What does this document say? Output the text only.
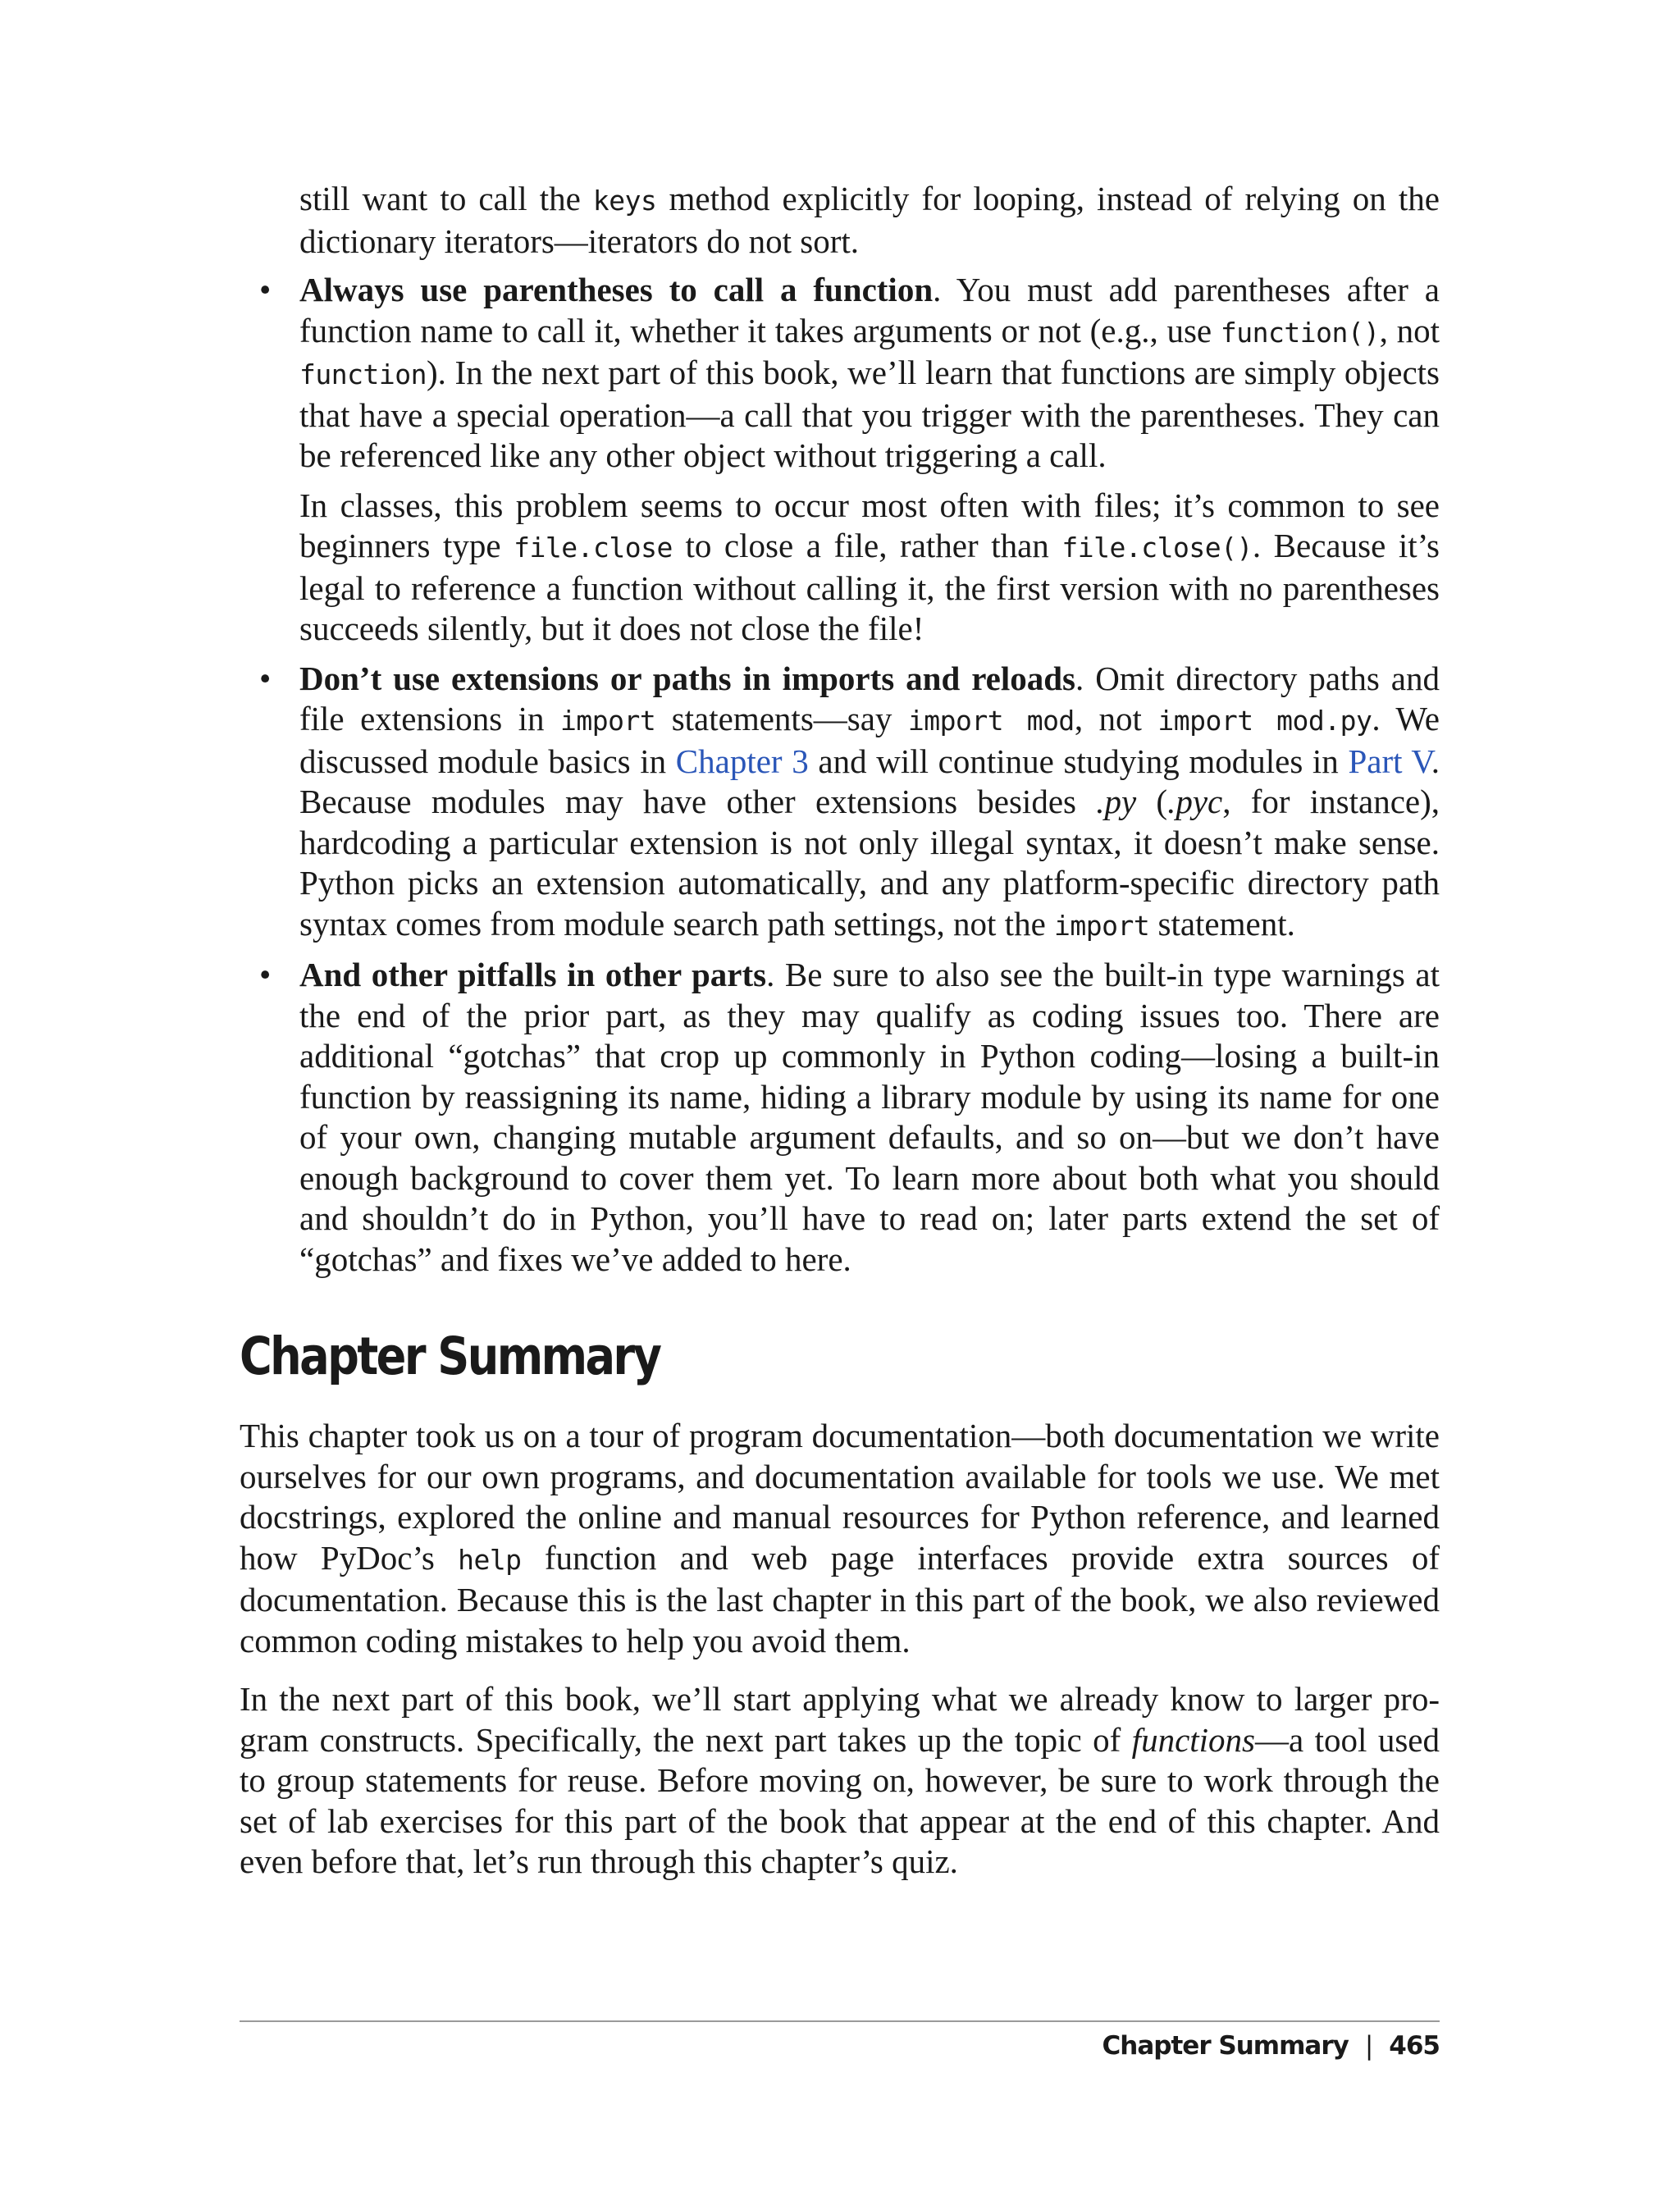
still want to call the keys method explicitly for looping, instead of relying on the dictionary iterators—iterators do not sort.

• Always use parentheses to call a function. You must add parentheses after a function name to call it, whether it takes arguments or not (e.g., use function(), not function). In the next part of this book, we’ll learn that functions are simply objects that have a special operation—a call that you trigger with the parentheses. They can be referenced like any other object without triggering a call.

In classes, this problem seems to occur most often with files; it’s common to see beginners type file.close to close a file, rather than file.close(). Because it’s legal to reference a function without calling it, the first version with no parentheses succeeds silently, but it does not close the file!

• Don’t use extensions or paths in imports and reloads. Omit directory paths and file extensions in import statements—say import mod, not import mod.py. We discussed module basics in Chapter 3 and will continue studying modules in Part V. Because modules may have other extensions besides .py (.pyc, for instance), hardcoding a particular extension is not only illegal syntax, it doesn’t make sense. Python picks an extension automatically, and any platform-specific directory path syntax comes from module search path settings, not the import statement.

• And other pitfalls in other parts. Be sure to also see the built-in type warnings at the end of the prior part, as they may qualify as coding issues too. There are additional “gotchas” that crop up commonly in Python coding—losing a built-in function by reassigning its name, hiding a library module by using its name for one of your own, changing mutable argument defaults, and so on—but we don’t have enough background to cover them yet. To learn more about both what you should and shouldn’t do in Python, you’ll have to read on; later parts extend the set of “gotchas” and fixes we’ve added to here.

Chapter Summary

This chapter took us on a tour of program documentation—both documentation we write ourselves for our own programs, and documentation available for tools we use. We met docstrings, explored the online and manual resources for Python reference, and learned how PyDoc’s help function and web page interfaces provide extra sources of documentation. Because this is the last chapter in this part of the book, we also reviewed common coding mistakes to help you avoid them.

In the next part of this book, we’ll start applying what we already know to larger program constructs. Specifically, the next part takes up the topic of functions—a tool used to group statements for reuse. Before moving on, however, be sure to work through the set of lab exercises for this part of the book that appear at the end of this chapter. And even before that, let’s run through this chapter’s quiz.

Chapter Summary | 465
